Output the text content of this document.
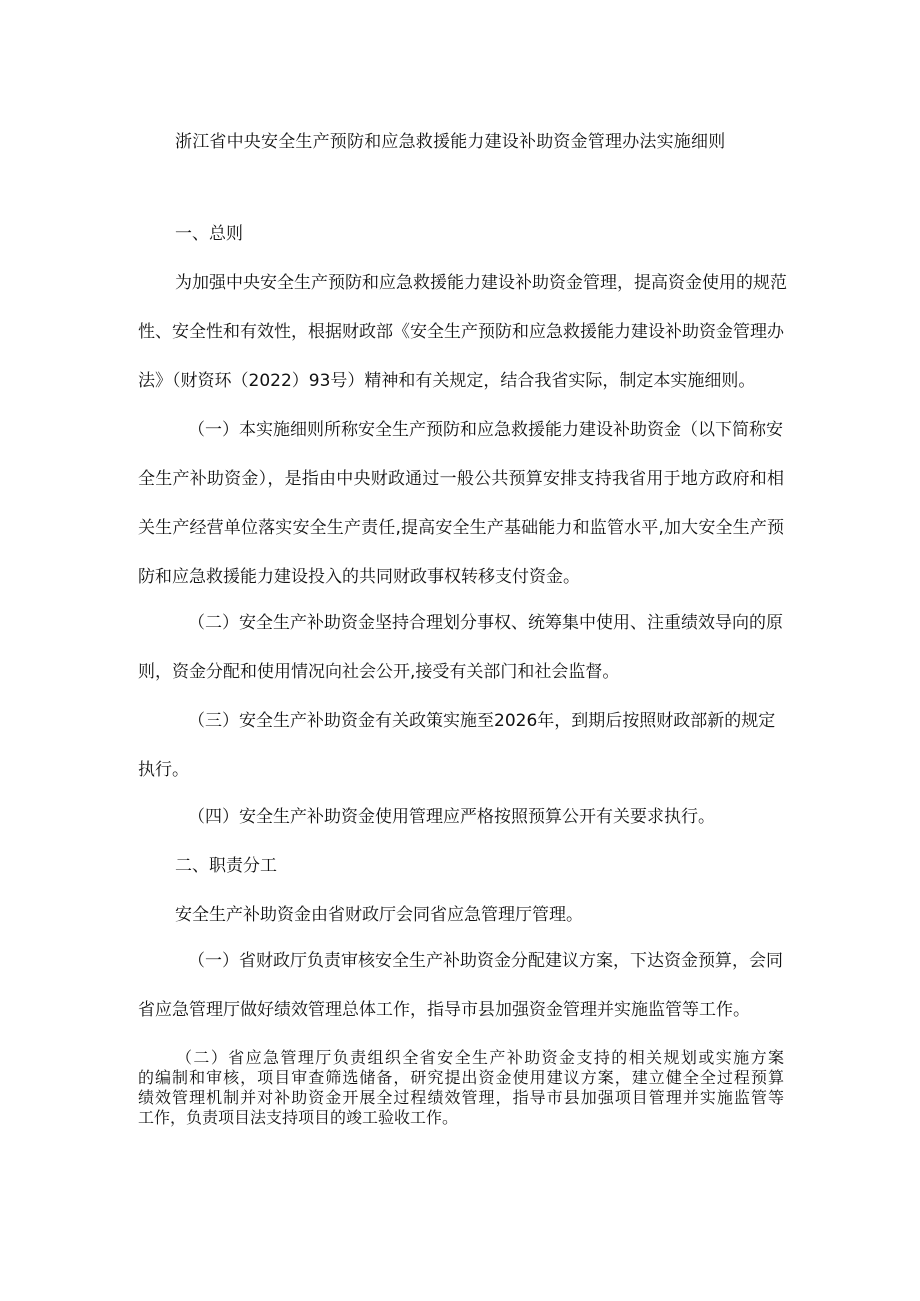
浙江省中央安全生产预防和应急救援能力建设补助资金管理办法实施细则
一、总则
为加强中央安全生产预防和应急救援能力建设补助资金管理，提高资金使用的规范
性、安全性和有效性，根据财政部《安全生产预防和应急救援能力建设补助资金管理办
法》（财资环（2022）93号）精神和有关规定，结合我省实际，制定本实施细则。
（一）本实施细则所称安全生产预防和应急救援能力建设补助资金（以下简称安
全生产补助资金），是指由中央财政通过一般公共预算安排支持我省用于地方政府和相
关生产经营单位落实安全生产责任,提高安全生产基础能力和监管水平,加大安全生产预
防和应急救援能力建设投入的共同财政事权转移支付资金。
（二）安全生产补助资金坚持合理划分事权、统筹集中使用、注重绩效导向的原
则，资金分配和使用情况向社会公开,接受有关部门和社会监督。
（三）安全生产补助资金有关政策实施至2026年，到期后按照财政部新的规定
执行。
（四）安全生产补助资金使用管理应严格按照预算公开有关要求执行。
二、职责分工
安全生产补助资金由省财政厅会同省应急管理厅管理。
（一）省财政厅负责审核安全生产补助资金分配建议方案，下达资金预算，会同
省应急管理厅做好绩效管理总体工作，指导市县加强资金管理并实施监管等工作。
（二）省应急管理厅负责组织全省安全生产补助资金支持的相关规划或实施方案
的编制和审核，项目审查筛选储备，研究提出资金使用建议方案，建立健全全过程预算
绩效管理机制并对补助资金开展全过程绩效管理，指导市县加强项目管理并实施监管等
工作，负责项目法支持项目的竣工验收工作。
